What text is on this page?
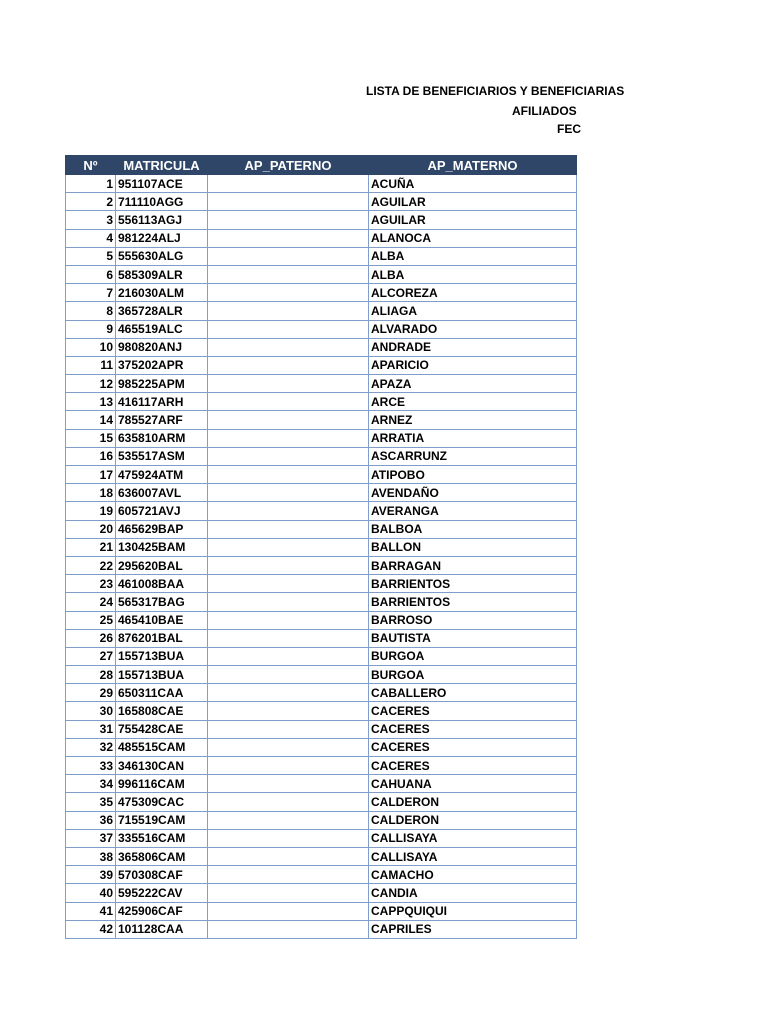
LISTA DE BENEFICIARIOS Y BENEFICIARIAS
AFILIADOS
FEC
Nº	MATRICULA	AP_PATERNO	AP_MATERNO
1	951107ACE		ACUÑA
2	711110AGG		AGUILAR
3	556113AGJ		AGUILAR
4	981224ALJ		ALANOCA
5	555630ALG		ALBA
6	585309ALR		ALBA
7	216030ALM		ALCOREZA
8	365728ALR		ALIAGA
9	465519ALC		ALVARADO
10	980820ANJ		ANDRADE
11	375202APR		APARICIO
12	985225APM		APAZA
13	416117ARH		ARCE
14	785527ARF		ARNEZ
15	635810ARM		ARRATIA
16	535517ASM		ASCARRUNZ
17	475924ATM		ATIPOBO
18	636007AVL		AVENDAÑO
19	605721AVJ		AVERANGA
20	465629BAP		BALBOA
21	130425BAM		BALLON
22	295620BAL		BARRAGAN
23	461008BAA		BARRIENTOS
24	565317BAG		BARRIENTOS
25	465410BAE		BARROSO
26	876201BAL		BAUTISTA
27	155713BUA		BURGOA
28	155713BUA		BURGOA
29	650311CAA		CABALLERO
30	165808CAE		CACERES
31	755428CAE		CACERES
32	485515CAM		CACERES
33	346130CAN		CACERES
34	996116CAM		CAHUANA
35	475309CAC		CALDERON
36	715519CAM		CALDERON
37	335516CAM		CALLISAYA
38	365806CAM		CALLISAYA
39	570308CAF		CAMACHO
40	595222CAV		CANDIA
41	425906CAF		CAPPQUIQUI
42	101128CAA		CAPRILES
